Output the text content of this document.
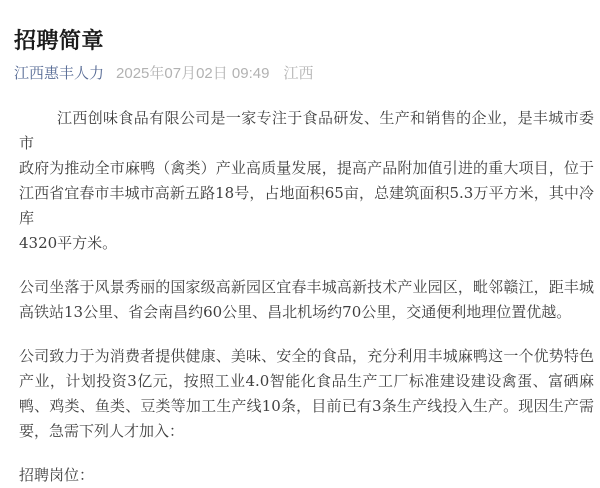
招聘简章
江西惠丰人力 2025年07月02日 09:49 江西
江西创味食品有限公司是一家专注于食品研发、生产和销售的企业，是丰城市委市
政府为推动全市麻鸭（禽类）产业高质量发展，提高产品附加值引进的重大项目，位于
江西省宜春市丰城市高新五路18号，占地面积65亩，总建筑面积5.3万平方米，其中冷库
4320平方米。
公司坐落于风景秀丽的国家级高新园区宜春丰城高新技术产业园区，毗邻赣江，距丰城
高铁站13公里、省会南昌约60公里、昌北机场约70公里，交通便利地理位置优越。
公司致力于为消费者提供健康、美味、安全的食品，充分利用丰城麻鸭这一个优势特色
产业，计划投资3亿元，按照工业4.0智能化食品生产工厂标准建设建设禽蛋、富硒麻
鸭、鸡类、鱼类、豆类等加工生产线10条，目前已有3条生产线投入生产。现因生产需
要，急需下列人才加入：
招聘岗位：
